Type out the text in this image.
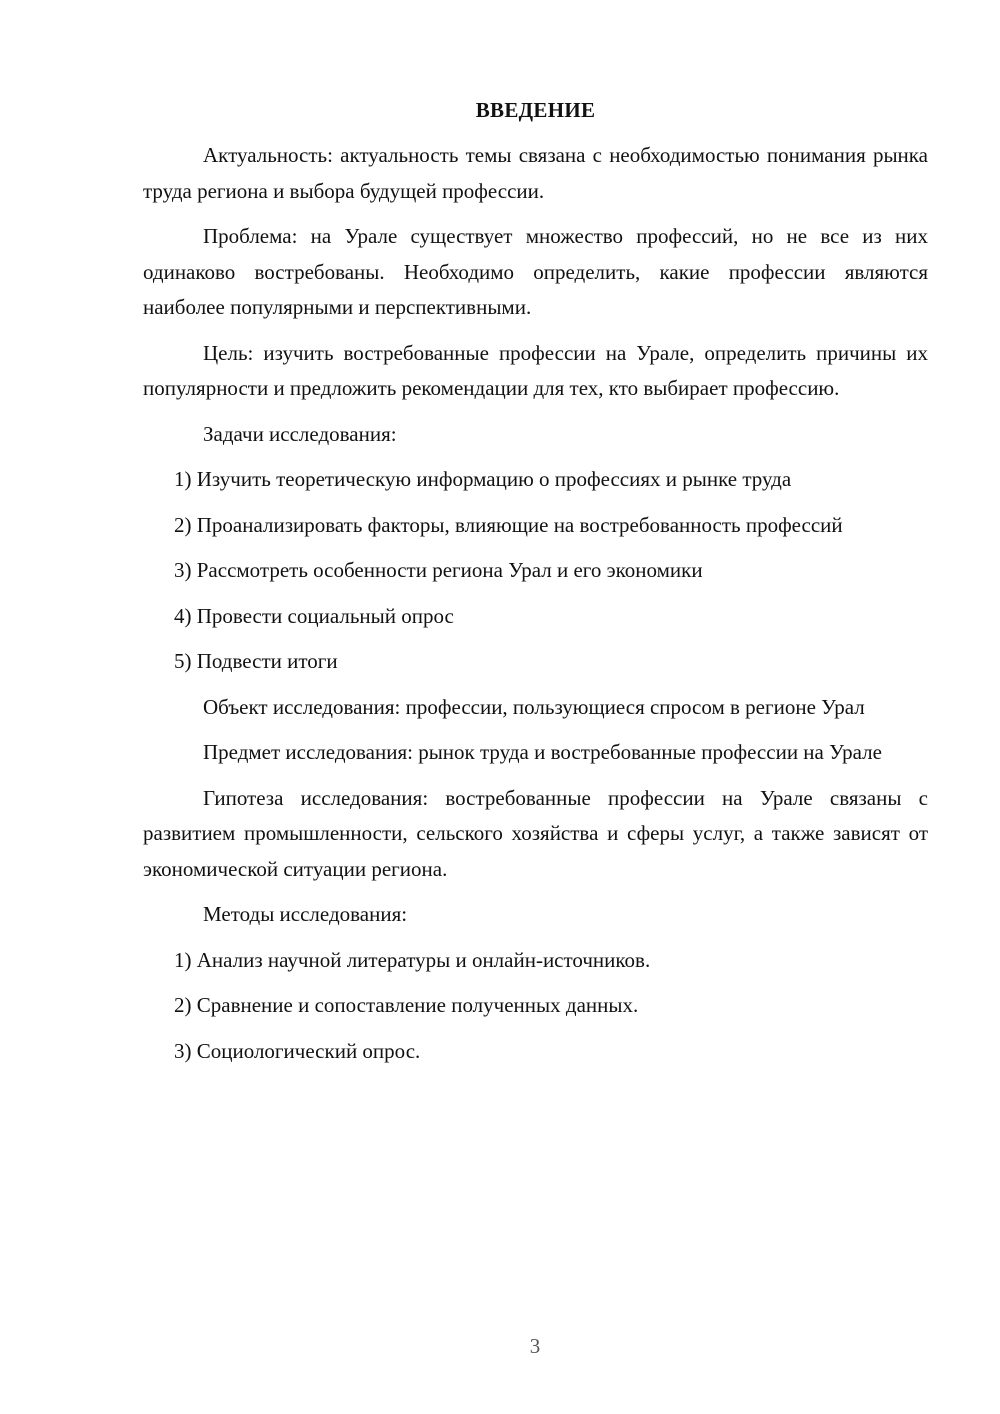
ВВЕДЕНИЕ

Актуальность: актуальность темы связана с необходимостью понимания рынка труда региона и выбора будущей профессии.

Проблема: на Урале существует множество профессий, но не все из них одинаково востребованы. Необходимо определить, какие профессии являются наиболее популярными и перспективными.

Цель: изучить востребованные профессии на Урале, определить причины их популярности и предложить рекомендации для тех, кто выбирает профессию.

Задачи исследования:

1) Изучить теоретическую информацию о профессиях и рынке труда

2) Проанализировать факторы, влияющие на востребованность профессий

3) Рассмотреть особенности региона Урал и его экономики

4) Провести социальный опрос

5) Подвести итоги

Объект исследования: профессии, пользующиеся спросом в регионе Урал

Предмет исследования: рынок труда и востребованные профессии на Урале

Гипотеза исследования: востребованные профессии на Урале связаны с развитием промышленности, сельского хозяйства и сферы услуг, а также зависят от экономической ситуации региона.

Методы исследования:

1) Анализ научной литературы и онлайн-источников.

2) Сравнение и сопоставление полученных данных.

3) Социологический опрос.

3
